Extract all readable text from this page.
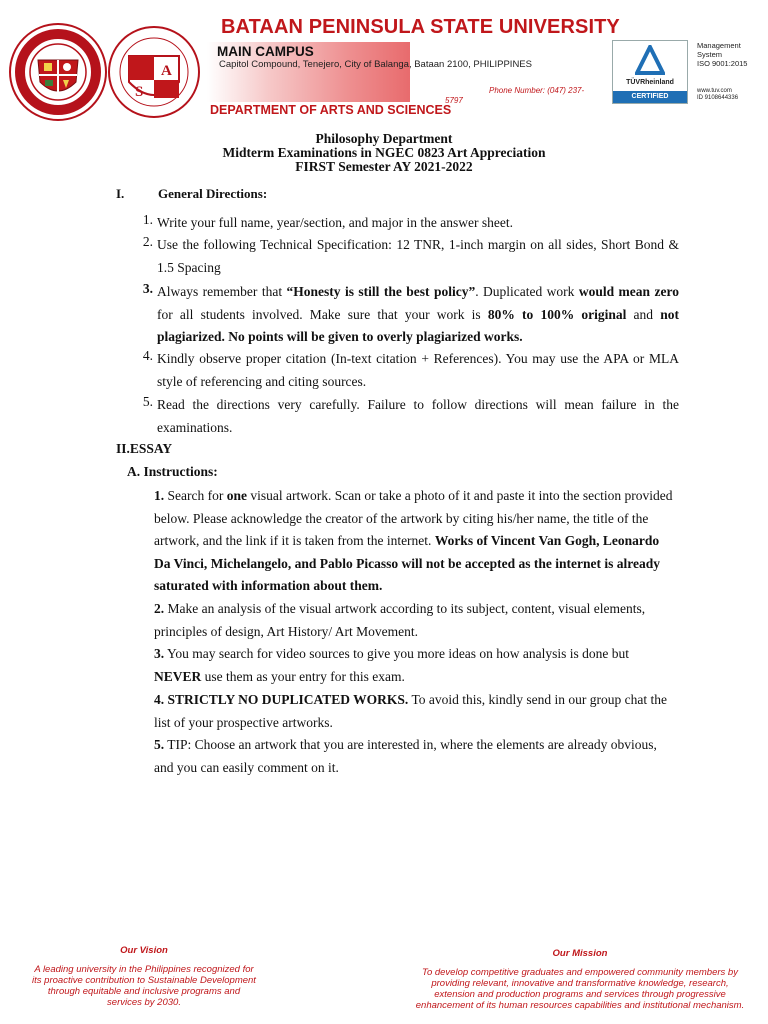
A
S
BATAAN PENINSULA STATE UNIVERSITY
MAIN CAMPUS
Capitol Compound, Tenejero, City of Balanga, Bataan 2100, PHILIPPINES
Phone Number: (047) 237-
5797
DEPARTMENT OF ARTS AND SCIENCES
TÜVRheinland
CERTIFIED
Management
System
ISO 9001:2015
www.tuv.com
ID 9108644336
Philosophy Department
Midterm Examinations in NGEC 0823 Art Appreciation
FIRST Semester AY 2021-2022
I.	General Directions:
1. Write your full name, year/section, and major in the answer sheet.
2. Use the following Technical Specification: 12 TNR, 1-inch margin on all sides, Short Bond & 1.5 Spacing
3. Always remember that “Honesty is still the best policy”. Duplicated work would mean zero for all students involved. Make sure that your work is 80% to 100% original and not plagiarized. No points will be given to overly plagiarized works.
4. Kindly observe proper citation (In-text citation + References). You may use the APA or MLA style of referencing and citing sources.
5. Read the directions very carefully. Failure to follow directions will mean failure in the examinations.
II.ESSAY
A. Instructions:
1. Search for one visual artwork. Scan or take a photo of it and paste it into the section provided below. Please acknowledge the creator of the artwork by citing his/her name, the title of the artwork, and the link if it is taken from the internet. Works of Vincent Van Gogh, Leonardo Da Vinci, Michelangelo, and Pablo Picasso will not be accepted as the internet is already saturated with information about them.
2. Make an analysis of the visual artwork according to its subject, content, visual elements, principles of design, Art History/ Art Movement.
3. You may search for video sources to give you more ideas on how analysis is done but NEVER use them as your entry for this exam.
4. STRICTLY NO DUPLICATED WORKS. To avoid this, kindly send in our group chat the list of your prospective artworks.
5. TIP: Choose an artwork that you are interested in, where the elements are already obvious, and you can easily comment on it.
Our Vision
A leading university in the Philippines recognized for its proactive contribution to Sustainable Development through equitable and inclusive programs and services by 2030.
Our Mission
To develop competitive graduates and empowered community members by providing relevant, innovative and transformative knowledge, research, extension and production programs and services through progressive enhancement of its human resources capabilities and institutional mechanism.
